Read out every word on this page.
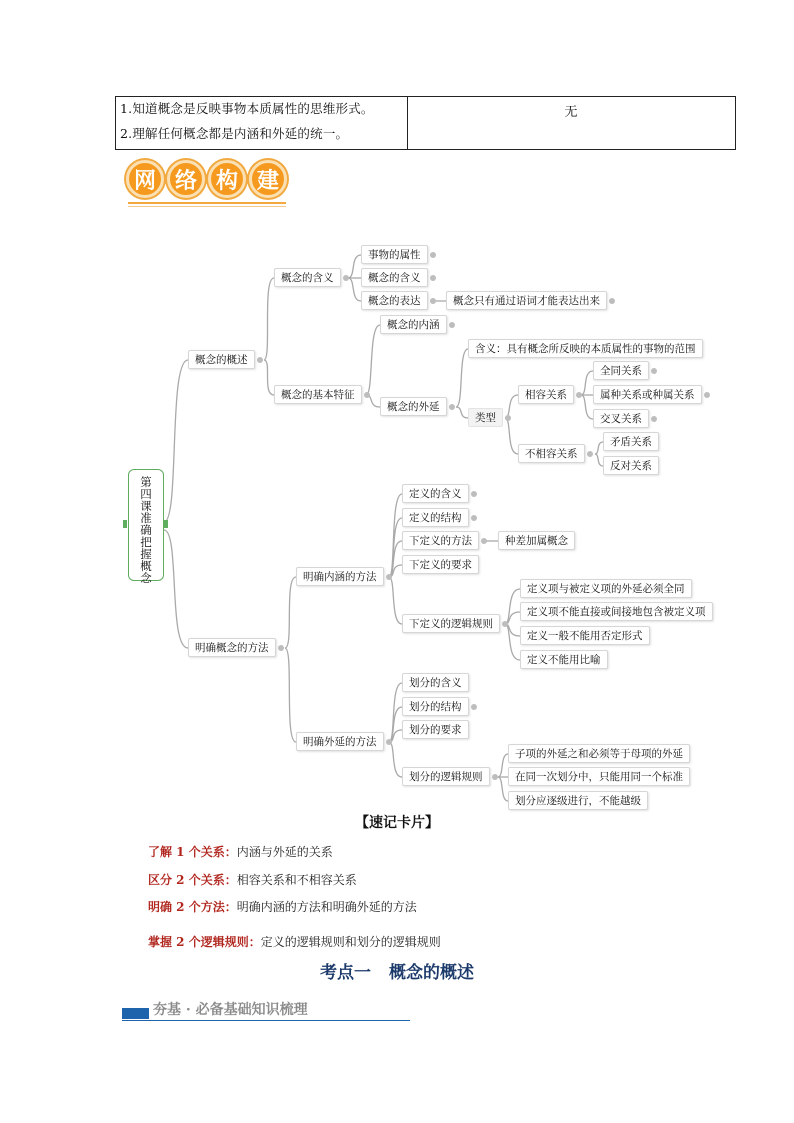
1.知道概念是反映事物本质属性的思维形式。
2.理解任何概念都是内涵和外延的统一。
无
网 络 构 建
第
四
课
准
确
把
握
概
念
概念的概述
明确概念的方法
概念的含义
事物的属性
概念的含义
概念的表达	概念只有通过语词才能表达出来
概念的基本特征
概念的内涵
概念的外延
含义：具有概念所反映的本质属性的事物的范围
类型
相容关系
全同关系
属种关系或种属关系
交叉关系
不相容关系
矛盾关系
反对关系
明确内涵的方法
定义的含义
定义的结构
下定义的方法	种差加属概念
下定义的要求
下定义的逻辑规则
定义项与被定义项的外延必须全同
定义项不能直接或间接地包含被定义项
定义一般不能用否定形式
定义不能用比喻
明确外延的方法
划分的含义
划分的结构
划分的要求
划分的逻辑规则
子项的外延之和必须等于母项的外延
在同一次划分中，只能用同一个标准
划分应逐级进行，不能越级
【速记卡片】
了解 1 个关系：内涵与外延的关系
区分 2 个关系：相容关系和不相容关系
明确 2 个方法：明确内涵的方法和明确外延的方法
掌握 2 个逻辑规则：定义的逻辑规则和划分的逻辑规则
考点一 概念的概述
夯基 · 必备基础知识梳理
